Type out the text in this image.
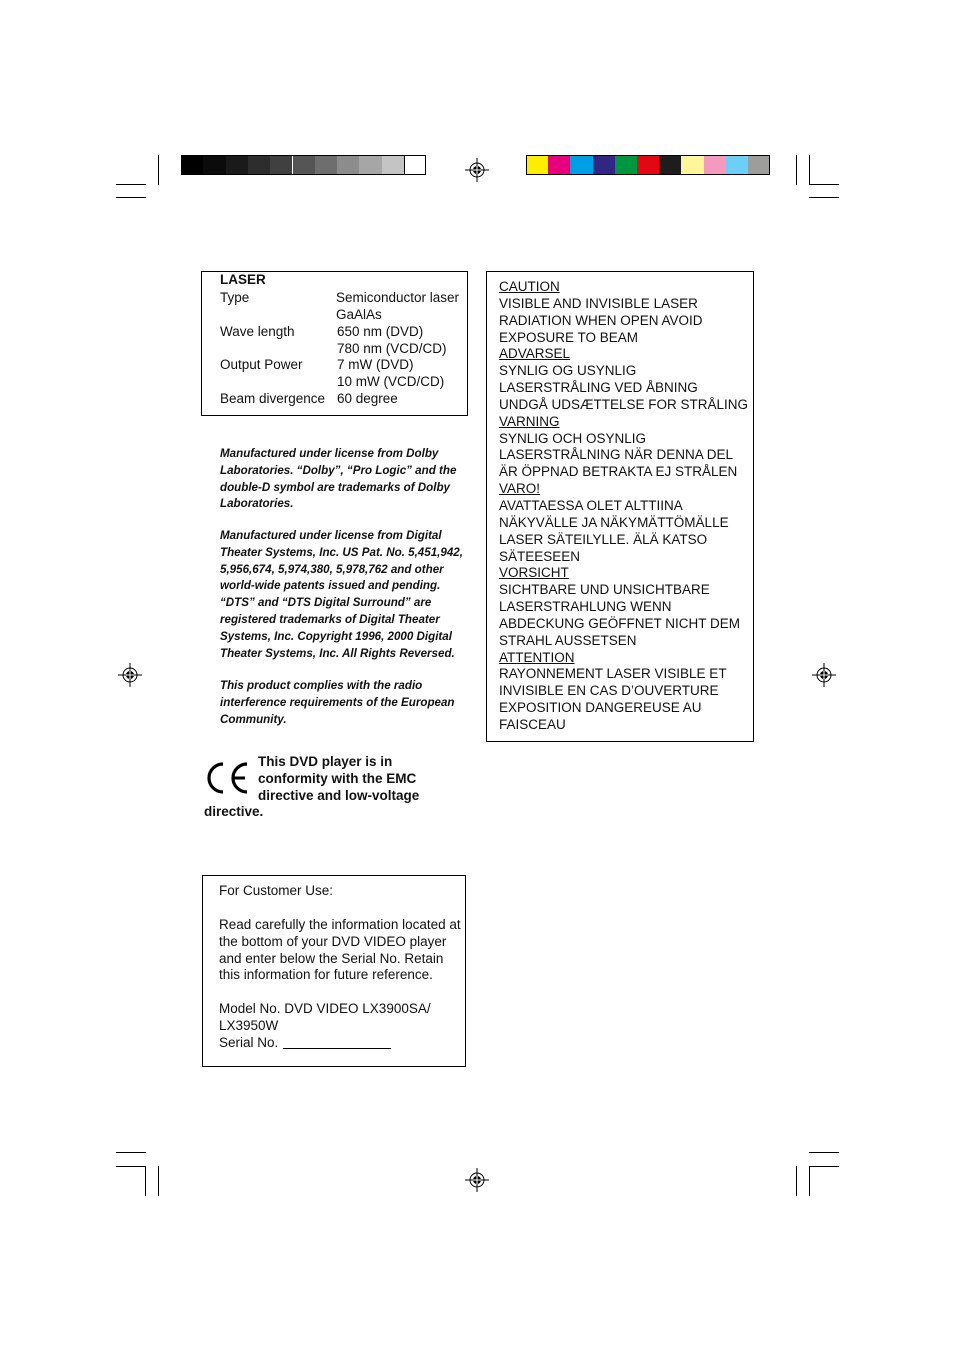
LASER
Type	Semiconductor laser
GaAlAs
Wave length	650 nm (DVD)
780 nm (VCD/CD)
Output Power	7 mW (DVD)
10 mW (VCD/CD)
Beam divergence 60 degree
Manufactured under license from Dolby Laboratories. “Dolby”, “Pro Logic” and the double-D symbol are trademarks of Dolby Laboratories.
Manufactured under license from Digital Theater Systems, Inc. US Pat. No. 5,451,942, 5,956,674, 5,974,380, 5,978,762 and other world-wide patents issued and pending. “DTS” and “DTS Digital Surround” are registered trademarks of Digital Theater Systems, Inc. Copyright 1996, 2000 Digital Theater Systems, Inc. All Rights Reversed.
This product complies with the radio interference requirements of the European Community.
This DVD player is in
conformity with the EMC
directive and low-voltage
directive.
CAUTION
VISIBLE AND INVISIBLE LASER
RADIATION WHEN OPEN AVOID
EXPOSURE TO BEAM
ADVARSEL
SYNLIG OG USYNLIG
LASERSTRÅLING VED ÅBNING
UNDGÅ UDSÆTTELSE FOR STRÅLING
VARNING
SYNLIG OCH OSYNLIG
LASERSTRÅLNING NÄR DENNA DEL
ÄR ÖPPNAD BETRAKTA EJ STRÅLEN
VARO!
AVATTAESSA OLET ALTTIINA
NÄKYVÄLLE JA NÄKYMÄTTÖMÄLLE
LASER SÄTEILYLLE. ÄLÄ KATSO
SÄTEESEEN
VORSICHT
SICHTBARE UND UNSICHTBARE
LASERSTRAHLUNG WENN
ABDECKUNG GEÖFFNET NICHT DEM
STRAHL AUSSETSEN
ATTENTION
RAYONNEMENT LASER VISIBLE ET
INVISIBLE EN CAS D’OUVERTURE
EXPOSITION DANGEREUSE AU
FAISCEAU
For Customer Use:
Read carefully the information located at the bottom of your DVD VIDEO player and enter below the Serial No. Retain this information for future reference.
Model No. DVD VIDEO LX3900SA/
LX3950W
Serial No.
